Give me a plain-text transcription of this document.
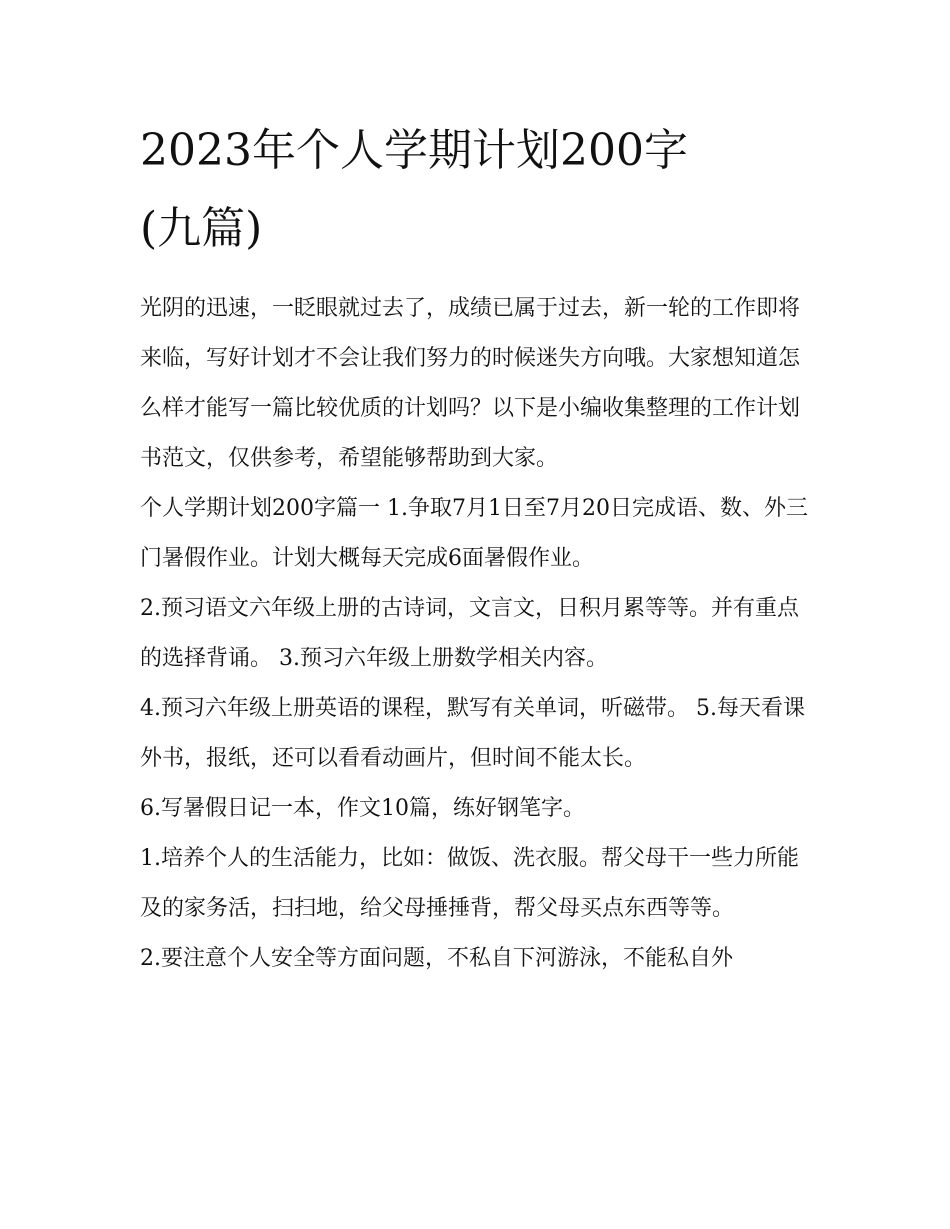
2023年个人学期计划200字
(九篇)

光阴的迅速，一眨眼就过去了，成绩已属于过去，新一轮的工作即将来临，写好计划才不会让我们努力的时候迷失方向哦。大家想知道怎么样才能写一篇比较优质的计划吗？以下是小编收集整理的工作计划书范文，仅供参考，希望能够帮助到大家。

个人学期计划200字篇一 1.争取7月1日至7月20日完成语、数、外三门暑假作业。计划大概每天完成6面暑假作业。

2.预习语文六年级上册的古诗词，文言文，日积月累等等。并有重点的选择背诵。 3.预习六年级上册数学相关内容。

4.预习六年级上册英语的课程，默写有关单词，听磁带。 5.每天看课外书，报纸，还可以看看动画片，但时间不能太长。

6.写暑假日记一本，作文10篇，练好钢笔字。

1.培养个人的生活能力，比如：做饭、洗衣服。帮父母干一些力所能及的家务活，扫扫地，给父母捶捶背，帮父母买点东西等等。

2.要注意个人安全等方面问题，不私自下河游泳，不能私自外
